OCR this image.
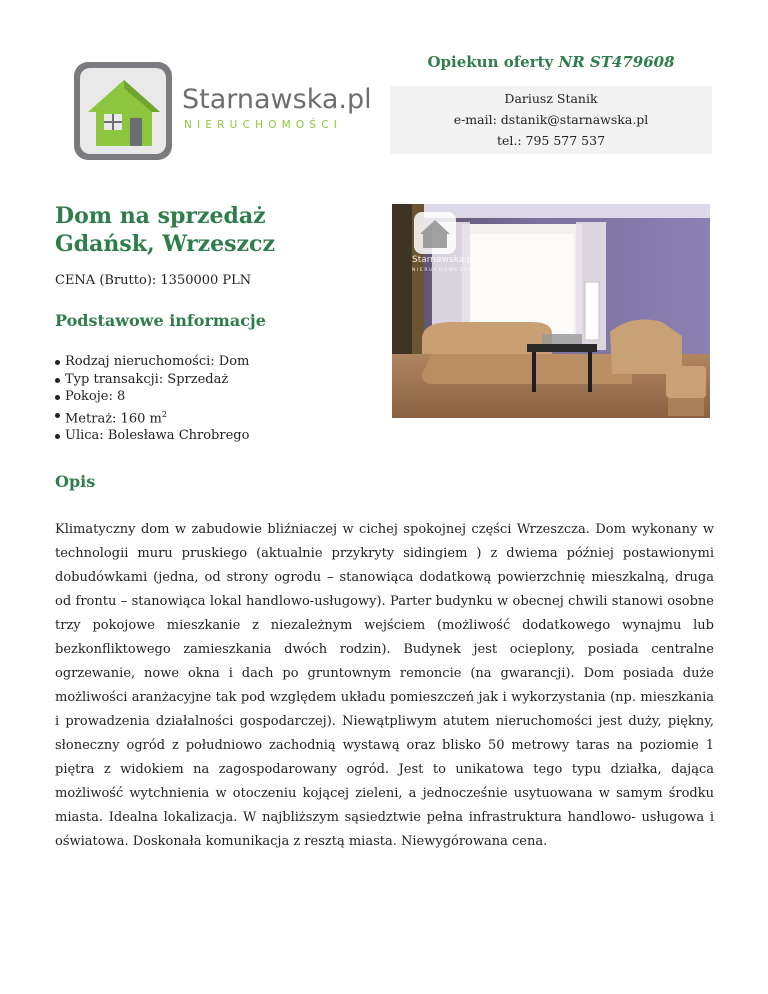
Starnawska.pl
NIERUCHOMOŚCI
Opiekun oferty NR ST479608
Dariusz Stanik
e-mail: dstanik@starnawska.pl
tel.: 795 577 537
Dom na sprzedaż
Gdańsk, Wrzeszcz
CENA (Brutto): 1350000 PLN
Podstawowe informacje
Rodzaj nieruchomości: Dom
Typ transakcji: Sprzedaż
Pokoje: 8
Metraż: 160 $m^2$
Ulica: Bolesława Chrobrego
Starnawska.pl
NIERUCHOMOŚCI
Opis

Klimatyczny dom w zabudowie bliźniaczej w cichej spokojnej części Wrzeszcza. Dom wykonany w technologii muru pruskiego (aktualnie przykryty sidingiem ) z dwiema później postawionymi dobudówkami (jedna, od strony ogrodu – stanowiąca dodatkową powierzchnię mieszkalną, druga od frontu – stanowiąca lokal handlowo-usługowy). Parter budynku w obecnej chwili stanowi osobne trzy pokojowe mieszkanie z niezależnym wejściem (możliwość dodatkowego wynajmu lub bezkonfliktowego zamieszkania dwóch rodzin). Budynek jest ocieplony, posiada centralne ogrzewanie, nowe okna i dach po gruntownym remoncie (na gwarancji). Dom posiada duże możliwości aranżacyjne tak pod względem układu pomieszczeń jak i wykorzystania (np. mieszkania i prowadzenia działalności gospodarczej). Niewątpliwym atutem nieruchomości jest duży, piękny, słoneczny ogród z południowo zachodnią wystawą oraz blisko 50 metrowy taras na poziomie 1 piętra z widokiem na zagospodarowany ogród. Jest to unikatowa tego typu działka, dająca możliwość wytchnienia w otoczeniu kojącej zieleni, a jednocześnie usytuowana w samym środku miasta. Idealna lokalizacja. W najbliższym sąsiedztwie pełna infrastruktura handlowo- usługowa i oświatowa. Doskonała komunikacja z resztą miasta. Niewygórowana cena.
